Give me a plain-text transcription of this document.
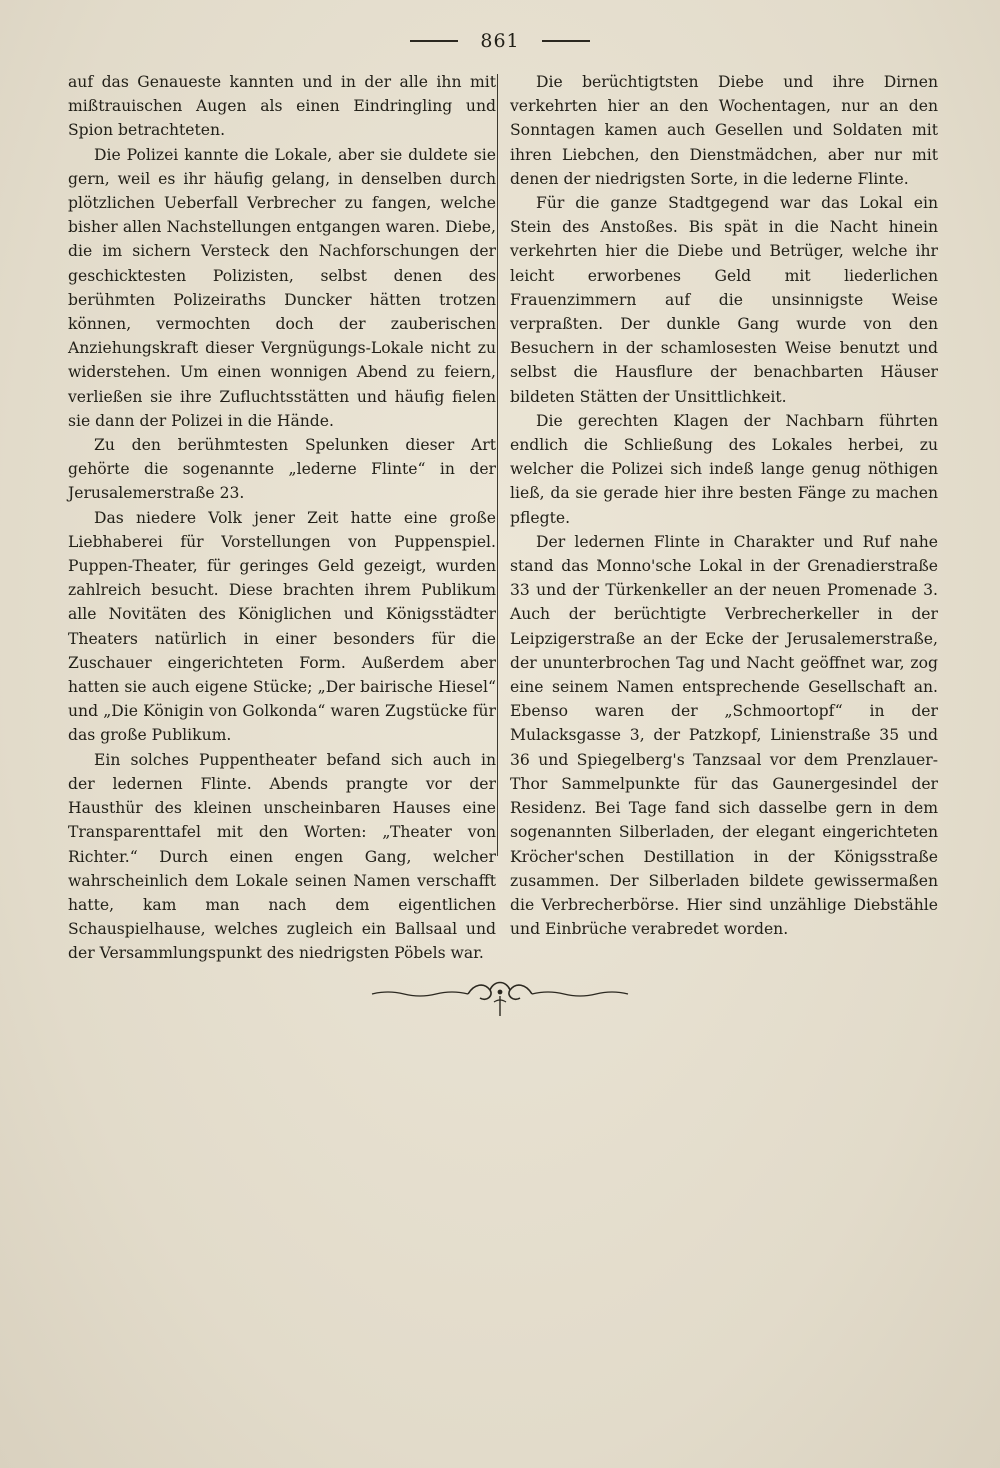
861

auf das Genaueste kannten und in der alle ihn mit mißtrauischen Augen als einen Eindringling und Spion betrachteten.

Die Polizei kannte die Lokale, aber sie duldete sie gern, weil es ihr häufig gelang, in denselben durch plötzlichen Ueberfall Verbrecher zu fangen, welche bisher allen Nachstellungen entgangen waren. Diebe, die im sichern Versteck den Nachforschungen der geschicktesten Polizisten, selbst denen des berühmten Polizeiraths Duncker hätten trotzen können, vermochten doch der zauberischen Anziehungskraft dieser Vergnügungs-Lokale nicht zu widerstehen. Um einen wonnigen Abend zu feiern, verließen sie ihre Zufluchtsstätten und häufig fielen sie dann der Polizei in die Hände.

Zu den berühmtesten Spelunken dieser Art gehörte die sogenannte „lederne Flinte“ in der Jerusalemerstraße 23.

Das niedere Volk jener Zeit hatte eine große Liebhaberei für Vorstellungen von Puppenspiel. Puppen-Theater, für geringes Geld gezeigt, wurden zahlreich besucht. Diese brachten ihrem Publikum alle Novitäten des Königlichen und Königsstädter Theaters natürlich in einer besonders für die Zuschauer eingerichteten Form. Außerdem aber hatten sie auch eigene Stücke; „Der bairische Hiesel“ und „Die Königin von Golkonda“ waren Zugstücke für das große Publikum.

Ein solches Puppentheater befand sich auch in der ledernen Flinte. Abends prangte vor der Hausthür des kleinen unscheinbaren Hauses eine Transparenttafel mit den Worten: „Theater von Richter.“ Durch einen engen Gang, welcher wahrscheinlich dem Lokale seinen Namen verschafft hatte, kam man nach dem eigentlichen Schauspielhause, welches zugleich ein Ballsaal und der Versammlungspunkt des niedrigsten Pöbels war.

Die berüchtigtsten Diebe und ihre Dirnen verkehrten hier an den Wochentagen, nur an den Sonntagen kamen auch Gesellen und Soldaten mit ihren Liebchen, den Dienstmädchen, aber nur mit denen der niedrigsten Sorte, in die lederne Flinte.

Für die ganze Stadtgegend war das Lokal ein Stein des Anstoßes. Bis spät in die Nacht hinein verkehrten hier die Diebe und Betrüger, welche ihr leicht erworbenes Geld mit liederlichen Frauenzimmern auf die unsinnigste Weise verpraßten. Der dunkle Gang wurde von den Besuchern in der schamlosesten Weise benutzt und selbst die Hausflure der benachbarten Häuser bildeten Stätten der Unsittlichkeit.

Die gerechten Klagen der Nachbarn führten endlich die Schließung des Lokales herbei, zu welcher die Polizei sich indeß lange genug nöthigen ließ, da sie gerade hier ihre besten Fänge zu machen pflegte.

Der ledernen Flinte in Charakter und Ruf nahe stand das Monno'sche Lokal in der Grenadierstraße 33 und der Türkenkeller an der neuen Promenade 3. Auch der berüchtigte Verbrecherkeller in der Leipzigerstraße an der Ecke der Jerusalemerstraße, der ununterbrochen Tag und Nacht geöffnet war, zog eine seinem Namen entsprechende Gesellschaft an. Ebenso waren der „Schmoortopf“ in der Mulacksgasse 3, der Patzkopf, Linienstraße 35 und 36 und Spiegelberg's Tanzsaal vor dem Prenzlauer-Thor Sammelpunkte für das Gaunergesindel der Residenz. Bei Tage fand sich dasselbe gern in dem sogenannten Silberladen, der elegant eingerichteten Kröcher'schen Destillation in der Königsstraße zusammen. Der Silberladen bildete gewissermaßen die Verbrecherbörse. Hier sind unzählige Diebstähle und Einbrüche verabredet worden.
